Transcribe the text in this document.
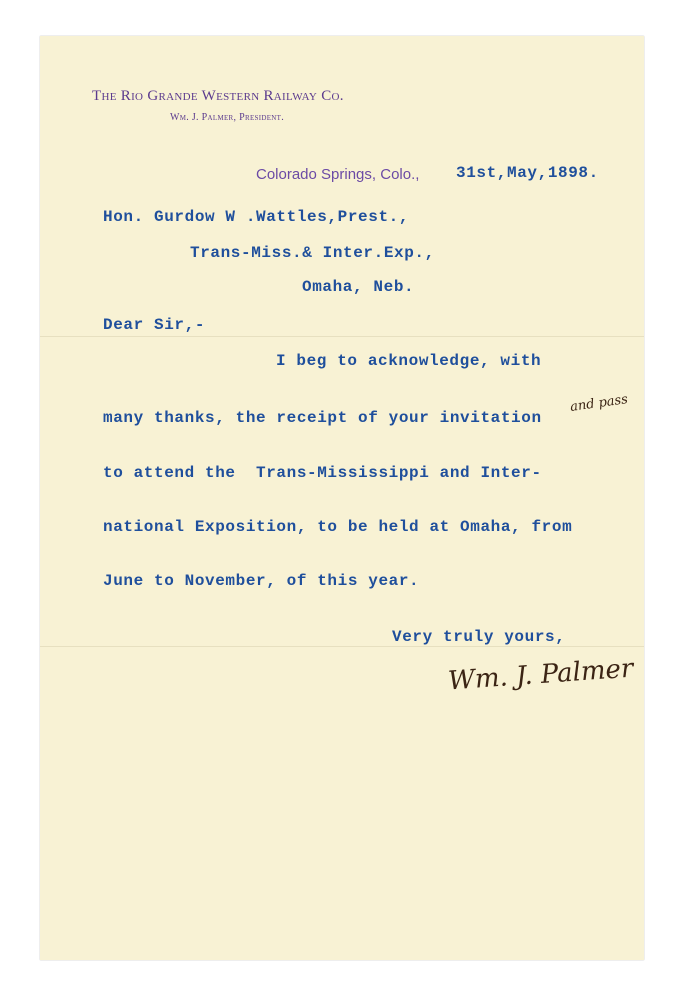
The Rio Grande Western Railway Co.
Wm. J. Palmer, President.
Colorado Springs, Colo., 31st,May,1898.
Hon. Gurdow W .Wattles,Prest.,
Trans-Miss.& Inter.Exp.,
Omaha, Neb.
Dear Sir,-
I beg to acknowledge, with
many thanks, the receipt of your invitation
and pass
to attend the  Trans-Mississippi and Inter-
national Exposition, to be held at Omaha, from
June to November, of this year.
Very truly yours,
Wm. J. Palmer
